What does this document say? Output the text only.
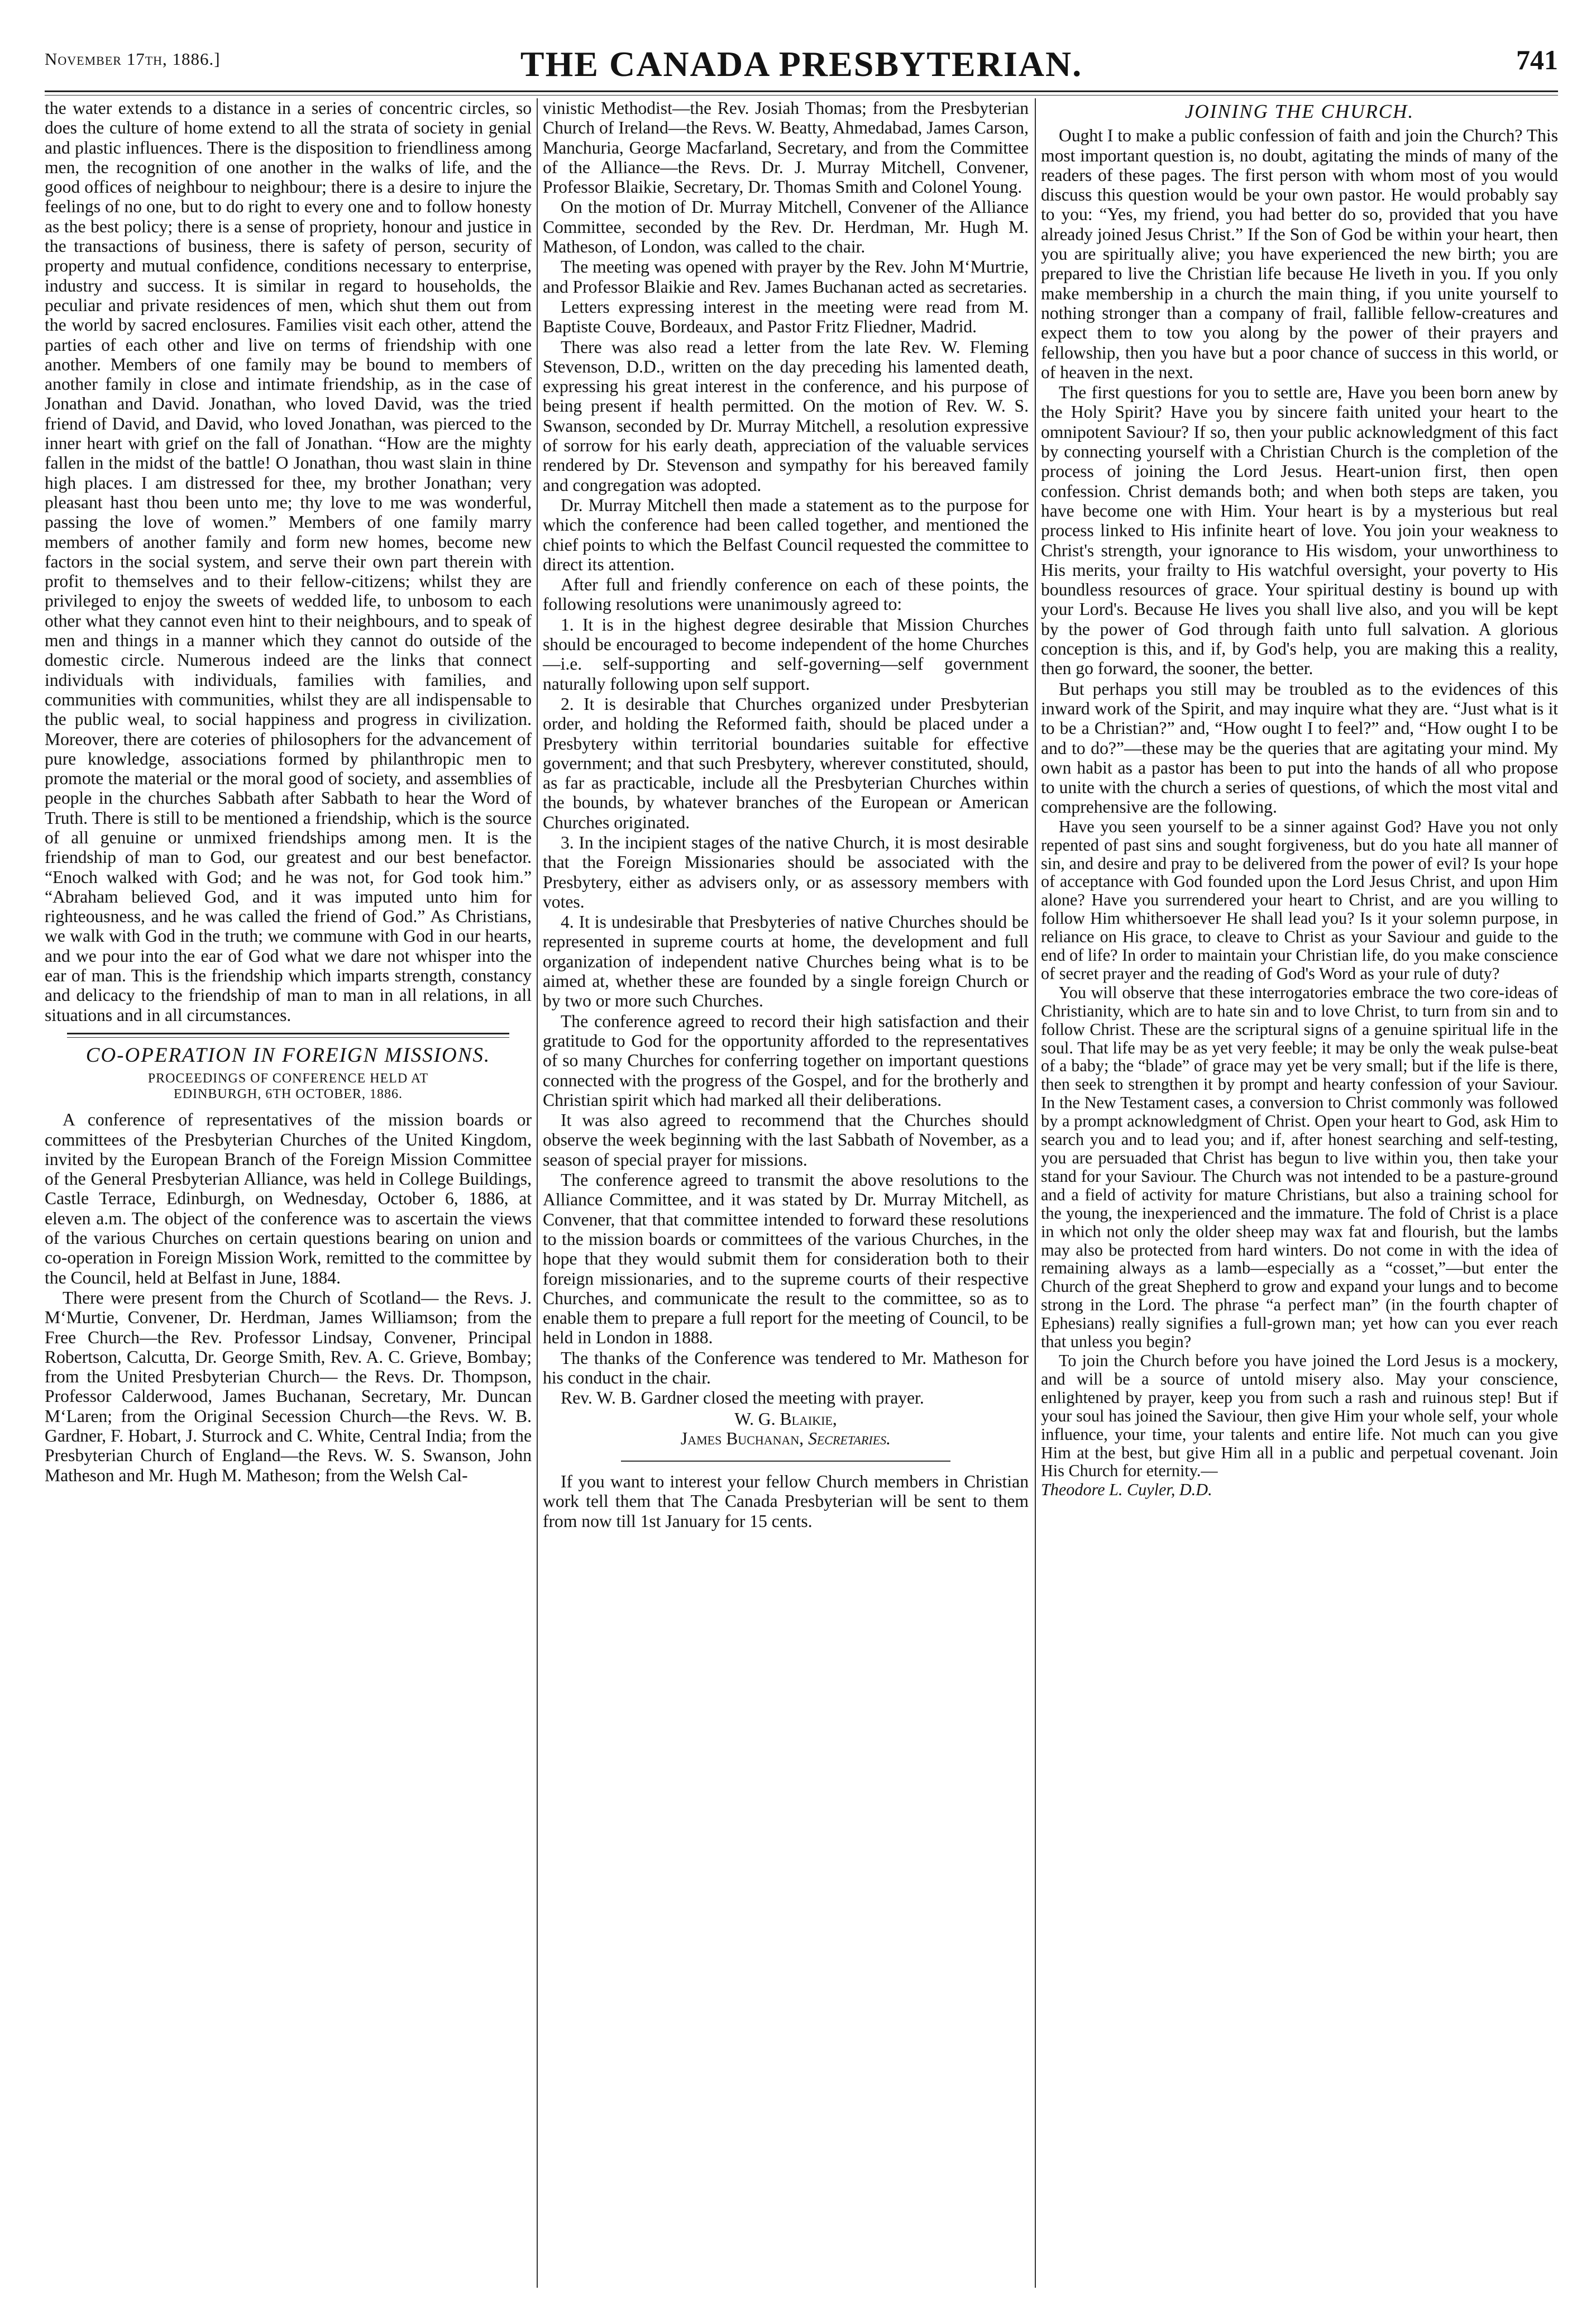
November 17th, 1886.]	THE CANADA PRESBYTERIAN.	741

the water extends to a distance in a series of concentric circles, so does the culture of home extend to all the strata of society in genial and plastic influences. There is the disposition to friendliness among men, the recognition of one another in the walks of life, and the good offices of neighbour to neighbour; there is a desire to injure the feelings of no one, but to do right to every one and to follow honesty as the best policy; there is a sense of propriety, honour and justice in the transactions of business, there is safety of person, security of property and mutual confidence, conditions necessary to enterprise, industry and success. It is similar in regard to households, the peculiar and private residences of men, which shut them out from the world by sacred enclosures. Families visit each other, attend the parties of each other and live on terms of friendship with one another. Members of one family may be bound to members of another family in close and intimate friendship, as in the case of Jonathan and David. Jonathan, who loved David, was the tried friend of David, and David, who loved Jonathan, was pierced to the inner heart with grief on the fall of Jonathan. “How are the mighty fallen in the midst of the battle! O Jonathan, thou wast slain in thine high places. I am distressed for thee, my brother Jonathan; very pleasant hast thou been unto me; thy love to me was wonderful, passing the love of women.” Members of one family marry members of another family and form new homes, become new factors in the social system, and serve their own part therein with profit to themselves and to their fellow-citizens; whilst they are privileged to enjoy the sweets of wedded life, to unbosom to each other what they cannot even hint to their neighbours, and to speak of men and things in a manner which they cannot do outside of the domestic circle. Numerous indeed are the links that connect individuals with individuals, families with families, and communities with communities, whilst they are all indispensable to the public weal, to social happiness and progress in civilization. Moreover, there are coteries of philosophers for the advancement of pure knowledge, associations formed by philanthropic men to promote the material or the moral good of society, and assemblies of people in the churches Sabbath after Sabbath to hear the Word of Truth. There is still to be mentioned a friendship, which is the source of all genuine or unmixed friendships among men. It is the friendship of man to God, our greatest and our best benefactor. “Enoch walked with God; and he was not, for God took him.” “Abraham believed God, and it was imputed unto him for righteousness, and he was called the friend of God.” As Christians, we walk with God in the truth; we commune with God in our hearts, and we pour into the ear of God what we dare not whisper into the ear of man. This is the friendship which imparts strength, constancy and delicacy to the friendship of man to man in all relations, in all situations and in all circumstances.

CO-OPERATION IN FOREIGN MISSIONS.
PROCEEDINGS OF CONFERENCE HELD AT
EDINBURGH, 6TH OCTOBER, 1886.

A conference of representatives of the mission boards or committees of the Presbyterian Churches of the United Kingdom, invited by the European Branch of the Foreign Mission Committee of the General Presbyterian Alliance, was held in College Buildings, Castle Terrace, Edinburgh, on Wednesday, October 6, 1886, at eleven a.m. The object of the conference was to ascertain the views of the various Churches on certain questions bearing on union and co-operation in Foreign Mission Work, remitted to the committee by the Council, held at Belfast in June, 1884.

There were present from the Church of Scotland— the Revs. J. M‘Murtie, Convener, Dr. Herdman, James Williamson; from the Free Church—the Rev. Professor Lindsay, Convener, Principal Robertson, Calcutta, Dr. George Smith, Rev. A. C. Grieve, Bombay; from the United Presbyterian Church— the Revs. Dr. Thompson, Professor Calderwood, James Buchanan, Secretary, Mr. Duncan M‘Laren; from the Original Secession Church—the Revs. W. B. Gardner, F. Hobart, J. Sturrock and C. White, Central India; from the Presbyterian Church of England—the Revs. W. S. Swanson, John Matheson and Mr. Hugh M. Matheson; from the Welsh Cal-

vinistic Methodist—the Rev. Josiah Thomas; from the Presbyterian Church of Ireland—the Revs. W. Beatty, Ahmedabad, James Carson, Manchuria, George Macfarland, Secretary, and from the Committee of the Alliance—the Revs. Dr. J. Murray Mitchell, Convener, Professor Blaikie, Secretary, Dr. Thomas Smith and Colonel Young.

On the motion of Dr. Murray Mitchell, Convener of the Alliance Committee, seconded by the Rev. Dr. Herdman, Mr. Hugh M. Matheson, of London, was called to the chair.

The meeting was opened with prayer by the Rev. John M‘Murtrie, and Professor Blaikie and Rev. James Buchanan acted as secretaries.

Letters expressing interest in the meeting were read from M. Baptiste Couve, Bordeaux, and Pastor Fritz Fliedner, Madrid.

There was also read a letter from the late Rev. W. Fleming Stevenson, D.D., written on the day preceding his lamented death, expressing his great interest in the conference, and his purpose of being present if health permitted. On the motion of Rev. W. S. Swanson, seconded by Dr. Murray Mitchell, a resolution expressive of sorrow for his early death, appreciation of the valuable services rendered by Dr. Stevenson and sympathy for his bereaved family and congregation was adopted.

Dr. Murray Mitchell then made a statement as to the purpose for which the conference had been called together, and mentioned the chief points to which the Belfast Council requested the committee to direct its attention.

After full and friendly conference on each of these points, the following resolutions were unanimously agreed to:

1. It is in the highest degree desirable that Mission Churches should be encouraged to become independent of the home Churches—i.e. self-supporting and self-governing—self government naturally following upon self support.

2. It is desirable that Churches organized under Presbyterian order, and holding the Reformed faith, should be placed under a Presbytery within territorial boundaries suitable for effective government; and that such Presbytery, wherever constituted, should, as far as practicable, include all the Presbyterian Churches within the bounds, by whatever branches of the European or American Churches originated.

3. In the incipient stages of the native Church, it is most desirable that the Foreign Missionaries should be associated with the Presbytery, either as advisers only, or as assessory members with votes.

4. It is undesirable that Presbyteries of native Churches should be represented in supreme courts at home, the development and full organization of independent native Churches being what is to be aimed at, whether these are founded by a single foreign Church or by two or more such Churches.

The conference agreed to record their high satisfaction and their gratitude to God for the opportunity afforded to the representatives of so many Churches for conferring together on important questions connected with the progress of the Gospel, and for the brotherly and Christian spirit which had marked all their deliberations.

It was also agreed to recommend that the Churches should observe the week beginning with the last Sabbath of November, as a season of special prayer for missions.

The conference agreed to transmit the above resolutions to the Alliance Committee, and it was stated by Dr. Murray Mitchell, as Convener, that that committee intended to forward these resolutions to the mission boards or committees of the various Churches, in the hope that they would submit them for consideration both to their foreign missionaries, and to the supreme courts of their respective Churches, and communicate the result to the committee, so as to enable them to prepare a full report for the meeting of Council, to be held in London in 1888.

The thanks of the Conference was tendered to Mr. Matheson for his conduct in the chair.

Rev. W. B. Gardner closed the meeting with prayer.

W. G. Blaikie,
James Buchanan, Secretaries.

If you want to interest your fellow Church members in Christian work tell them that The Canada Presbyterian will be sent to them from now till 1st January for 15 cents.

JOINING THE CHURCH.

Ought I to make a public confession of faith and join the Church? This most important question is, no doubt, agitating the minds of many of the readers of these pages. The first person with whom most of you would discuss this question would be your own pastor. He would probably say to you: “Yes, my friend, you had better do so, provided that you have already joined Jesus Christ.” If the Son of God be within your heart, then you are spiritually alive; you have experienced the new birth; you are prepared to live the Christian life because He liveth in you. If you only make membership in a church the main thing, if you unite yourself to nothing stronger than a company of frail, fallible fellow-creatures and expect them to tow you along by the power of their prayers and fellowship, then you have but a poor chance of success in this world, or of heaven in the next.

The first questions for you to settle are, Have you been born anew by the Holy Spirit? Have you by sincere faith united your heart to the omnipotent Saviour? If so, then your public acknowledgment of this fact by connecting yourself with a Christian Church is the completion of the process of joining the Lord Jesus. Heart-union first, then open confession. Christ demands both; and when both steps are taken, you have become one with Him. Your heart is by a mysterious but real process linked to His infinite heart of love. You join your weakness to Christ's strength, your ignorance to His wisdom, your unworthiness to His merits, your frailty to His watchful oversight, your poverty to His boundless resources of grace. Your spiritual destiny is bound up with your Lord's. Because He lives you shall live also, and you will be kept by the power of God through faith unto full salvation. A glorious conception is this, and if, by God's help, you are making this a reality, then go forward, the sooner, the better.

But perhaps you still may be troubled as to the evidences of this inward work of the Spirit, and may inquire what they are. “Just what is it to be a Christian?” and, “How ought I to feel?” and, “How ought I to be and to do?”—these may be the queries that are agitating your mind. My own habit as a pastor has been to put into the hands of all who propose to unite with the church a series of questions, of which the most vital and comprehensive are the following.

Have you seen yourself to be a sinner against God? Have you not only repented of past sins and sought forgiveness, but do you hate all manner of sin, and desire and pray to be delivered from the power of evil? Is your hope of acceptance with God founded upon the Lord Jesus Christ, and upon Him alone? Have you surrendered your heart to Christ, and are you willing to follow Him whithersoever He shall lead you? Is it your solemn purpose, in reliance on His grace, to cleave to Christ as your Saviour and guide to the end of life? In order to maintain your Christian life, do you make conscience of secret prayer and the reading of God's Word as your rule of duty?

You will observe that these interrogatories embrace the two core-ideas of Christianity, which are to hate sin and to love Christ, to turn from sin and to follow Christ. These are the scriptural signs of a genuine spiritual life in the soul. That life may be as yet very feeble; it may be only the weak pulse-beat of a baby; the “blade” of grace may yet be very small; but if the life is there, then seek to strengthen it by prompt and hearty confession of your Saviour. In the New Testament cases, a conversion to Christ commonly was followed by a prompt acknowledgment of Christ. Open your heart to God, ask Him to search you and to lead you; and if, after honest searching and self-testing, you are persuaded that Christ has begun to live within you, then take your stand for your Saviour. The Church was not intended to be a pasture-ground and a field of activity for mature Christians, but also a training school for the young, the inexperienced and the immature. The fold of Christ is a place in which not only the older sheep may wax fat and flourish, but the lambs may also be protected from hard winters. Do not come in with the idea of remaining always as a lamb—especially as a “cosset,”—but enter the Church of the great Shepherd to grow and expand your lungs and to become strong in the Lord. The phrase “a perfect man” (in the fourth chapter of Ephesians) really signifies a full-grown man; yet how can you ever reach that unless you begin?

To join the Church before you have joined the Lord Jesus is a mockery, and will be a source of untold misery also. May your conscience, enlightened by prayer, keep you from such a rash and ruinous step! But if your soul has joined the Saviour, then give Him your whole self, your whole influence, your time, your talents and entire life. Not much can you give Him at the best, but give Him all in a public and perpetual covenant. Join His Church for eternity.—

Theodore L. Cuyler, D.D.
